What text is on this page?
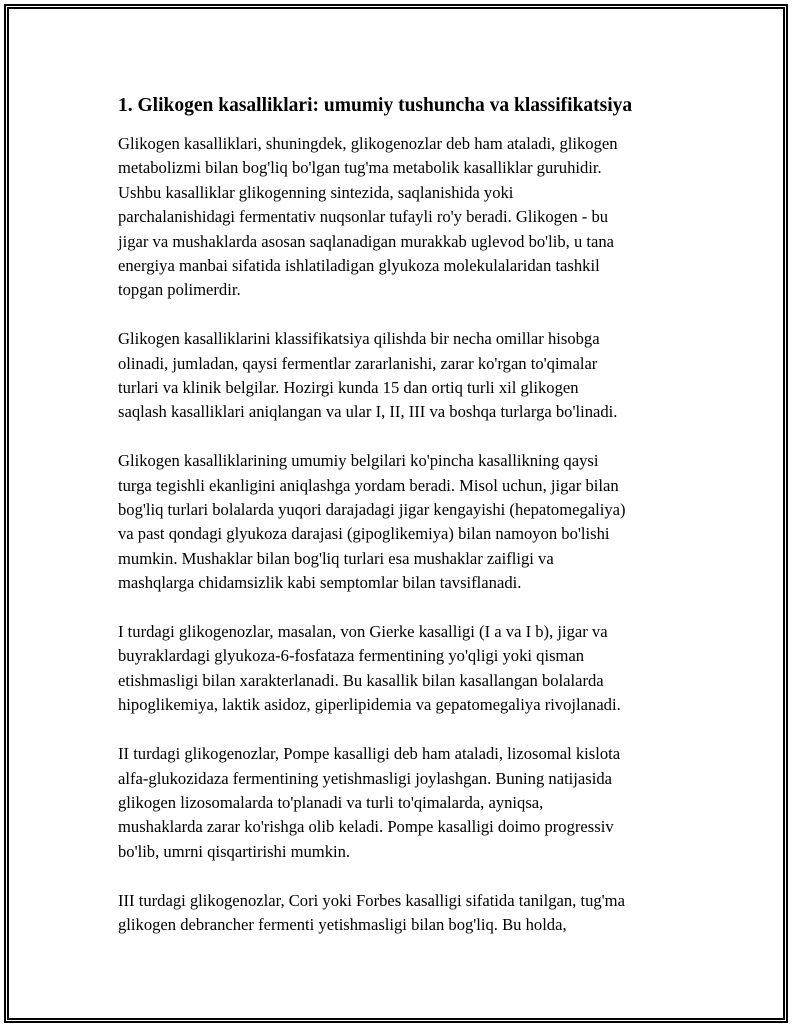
1. Glikogen kasalliklari: umumiy tushuncha va klassifikatsiya

Glikogen kasalliklari, shuningdek, glikogenozlar deb ham ataladi, glikogen
metabolizmi bilan bog'liq bo'lgan tug'ma metabolik kasalliklar guruhidir.
Ushbu kasalliklar glikogenning sintezida, saqlanishida yoki
parchalanishidagi fermentativ nuqsonlar tufayli ro'y beradi. Glikogen - bu
jigar va mushaklarda asosan saqlanadigan murakkab uglevod bo'lib, u tana
energiya manbai sifatida ishlatiladigan glyukoza molekulalaridan tashkil
topgan polimerdir.

Glikogen kasalliklarini klassifikatsiya qilishda bir necha omillar hisobga
olinadi, jumladan, qaysi fermentlar zararlanishi, zarar ko'rgan to'qimalar
turlari va klinik belgilar. Hozirgi kunda 15 dan ortiq turli xil glikogen
saqlash kasalliklari aniqlangan va ular I, II, III va boshqa turlarga bo'linadi.

Glikogen kasalliklarining umumiy belgilari ko'pincha kasallikning qaysi
turga tegishli ekanligini aniqlashga yordam beradi. Misol uchun, jigar bilan
bog'liq turlari bolalarda yuqori darajadagi jigar kengayishi (hepatomegaliya)
va past qondagi glyukoza darajasi (gipoglikemiya) bilan namoyon bo'lishi
mumkin. Mushaklar bilan bog'liq turlari esa mushaklar zaifligi va
mashqlarga chidamsizlik kabi semptomlar bilan tavsiflanadi.

I turdagi glikogenozlar, masalan, von Gierke kasalligi (I a va I b), jigar va
buyraklardagi glyukoza-6-fosfataza fermentining yo'qligi yoki qisman
etishmasligi bilan xarakterlanadi. Bu kasallik bilan kasallangan bolalarda
hipoglikemiya, laktik asidoz, giperlipidemia va gepatomegaliya rivojlanadi.

II turdagi glikogenozlar, Pompe kasalligi deb ham ataladi, lizosomal kislota
alfa-glukozidaza fermentining yetishmasligi joylashgan. Buning natijasida
glikogen lizosomalarda to'planadi va turli to'qimalarda, ayniqsa,
mushaklarda zarar ko'rishga olib keladi. Pompe kasalligi doimo progressiv
bo'lib, umrni qisqartirishi mumkin.

III turdagi glikogenozlar, Cori yoki Forbes kasalligi sifatida tanilgan, tug'ma
glikogen debrancher fermenti yetishmasligi bilan bog'liq. Bu holda,
